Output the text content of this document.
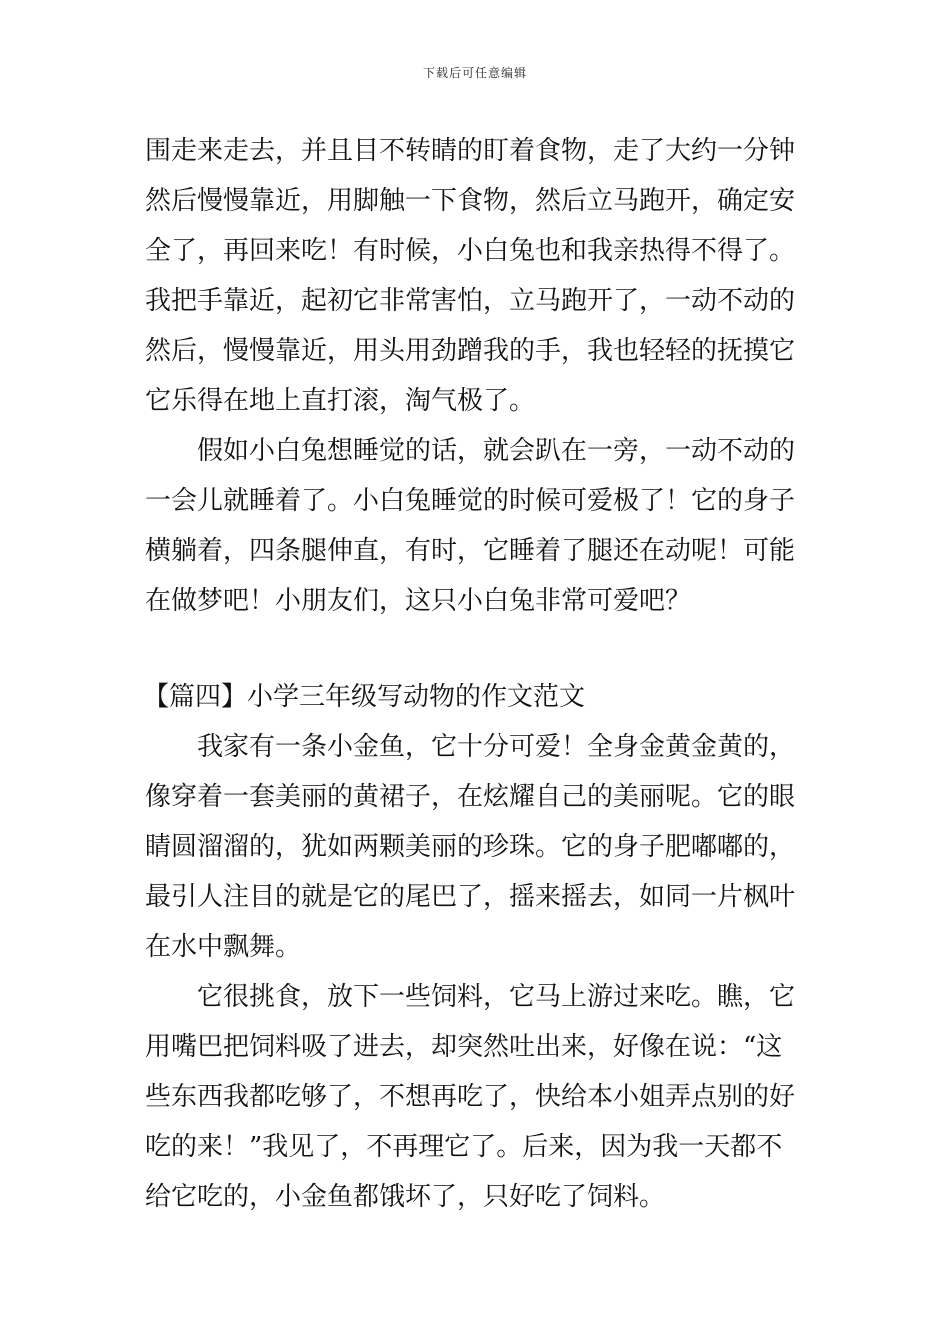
下载后可任意编辑
围走来走去，并且目不转睛的盯着食物，走了大约一分钟
然后慢慢靠近，用脚触一下食物，然后立马跑开，确定安
全了，再回来吃！有时候，小白兔也和我亲热得不得了。
我把手靠近，起初它非常害怕，立马跑开了，一动不动的
然后，慢慢靠近，用头用劲蹭我的手，我也轻轻的抚摸它
它乐得在地上直打滚，淘气极了。
假如小白兔想睡觉的话，就会趴在一旁，一动不动的
一会儿就睡着了。小白兔睡觉的时候可爱极了！它的身子
横躺着，四条腿伸直，有时，它睡着了腿还在动呢！可能
在做梦吧！小朋友们，这只小白兔非常可爱吧？
【篇四】小学三年级写动物的作文范文
我家有一条小金鱼，它十分可爱！全身金黄金黄的，
像穿着一套美丽的黄裙子，在炫耀自己的美丽呢。它的眼
睛圆溜溜的，犹如两颗美丽的珍珠。它的身子肥嘟嘟的，
最引人注目的就是它的尾巴了，摇来摇去，如同一片枫叶
在水中飘舞。
它很挑食，放下一些饲料，它马上游过来吃。瞧，它
用嘴巴把饲料吸了进去，却突然吐出来，好像在说：“这
些东西我都吃够了，不想再吃了，快给本小姐弄点别的好
吃的来！”我见了，不再理它了。后来，因为我一天都不
给它吃的，小金鱼都饿坏了，只好吃了饲料。
